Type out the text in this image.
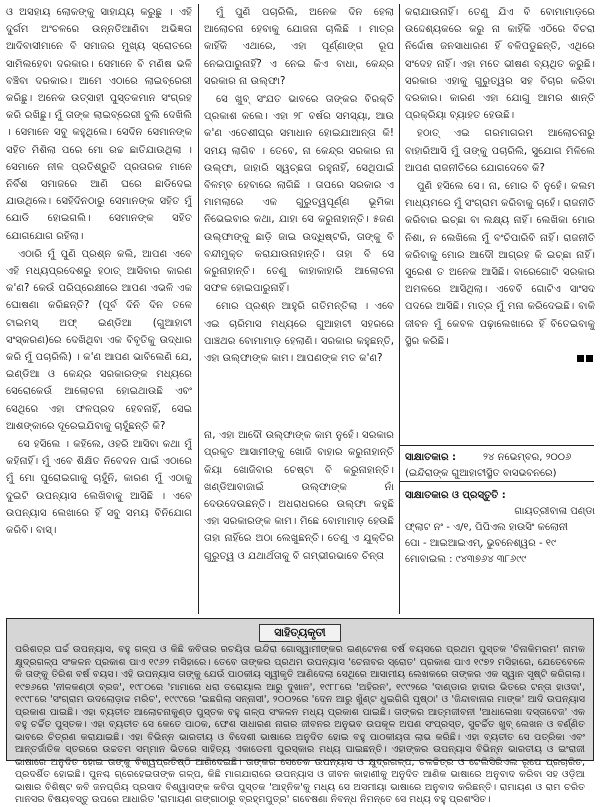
ଓ ଅସହାୟ ଲୋକଙ୍କୁ ସାହାଯ୍ୟ କରୁଛୁ । ଏହି ଦୁର୍ଗମ ଅଂଚଳରେ ଉନ୍ନତିଆଣିବା ଅଭିଜ୍ଞତା ଆଦିବାସୀମାନେ ବି ସମାଜର ମୁଖ୍ୟ ସ୍ରୋତରେ ସାମିଲହେବା ଦରକାର। ସେମାନେ ବି ମଣିଷ ଭଳି ବଞ୍ଚିବା ଦରକାର। ଆମେ ଏଠାରେ ଲାଇବ୍ରେରୀ କରିଛୁ। ଅନେକ ଉତ୍ସାହୀ ପୁସ୍ତକମାନ ସଂଗ୍ରହ କରି ରଖିଛୁ। ମୁଁ ତାଙ୍କ ଲାଇବ୍ରେରୀ ବୁଲି ଦେଖିଲି । ସେମାନେ ସବୁ କହୁଥିଲେ। ସେଦିନ ସେମାନଙ୍କ ସହିତ ମିଶିଲା ପରେ ମୋ ରଚ୍ଚ ଛାତିଯାଉଥିଲା । ସେମାନେ ନୀଳ ପ୍ରତିଶ୍ରୁତି ପ୍ରତାରକ ମାନେ ନିର୍ବିଶ ସମାଜରେ ଆଣି ଘରେ ଛାଡିଦେଇ ଯାଉଥିଲେ। ସେହିଦିନଠାରୁ ସେମାନଙ୍କ ସହିତ ମୁଁ ଯୋଡି ହୋଇଗଲି। ସେମାନଙ୍କ ସହିତ ଯୋଗଯୋଗ ରହିଲା।

ଏଠାରି ମୁଁ ପୁଣି ପ୍ରଶ୍ନ କଲି, ଆପଣ ଏବେ ଏହି ମଧ୍ୟପ୍ରଦେଶରୁ ହଠାତ୍ ଆସିବାର କାରଣ କ'ଣ? କେଉଁ ପରିପ୍ରେକ୍ଷୀରେ ଆପଣ ଏଭଳି ଏକ ଘୋଷଣା କରିଛନ୍ତି? (ପୂର୍ବ ଦିନି ଦିନ ତଳେ ଟାଇମସ୍ ଅଫ୍ ଇଣ୍ଡିଆ (ଗୁଆହାଟୀ ସଂସ୍କରଣ)ରେ ଦେଖିଥିବା ଏକ ବିବୃତିକୁ ଉଦ୍ଧାର କରି ମୁଁ ପଚାରିଲି) । କ'ଣ ଆପଣ ଭାବିଲେଣି ଯେ, ଇଣ୍ଡିଆ ଓ କେନ୍ଦ୍ର ସରକାରଙ୍କ ମଧ୍ୟରେ ସେରୋକେଉଁ ଆଲୋଚନା ହୋଇଥାଉଛି ଏବଂ ସେଥିରେ ଏହା ଫଳପ୍ରଦ ହେବନାହିଁ, ସେଇ ଆଶଙ୍କାରେ ଦୂରେଇଯିବାକୁ ଚାହୁଁଛନ୍ତି କି?

ସେ ହସିଲେ । କହିଲେ, ଓହରି ଆସିବା କଥା ମୁଁ କହିନାହିଁ। ମୁଁ ଏବେ ଶିକ୍ଷିତ ନିବେଦନ ପାଇଁ ଏଠାରେ ମୁଁ ମୋ ପୁରୋଇଗାକୁ ଚାହୁଁନି, କାରଣ ମୁଁ ଏଠାକୁ ଦୁଇଟି ଉପନ୍ୟାସ ଲେଖିବାକୁ ଆସିଛି । ଏବେ ଉପନ୍ୟାସ ଲେଖାରେ ହିଁ ସବୁ ସମୟ ବିନିଯୋଗ କରିବି। ବାସ୍।

ମୁଁ ପୁଣି ପଚାରିଲି, ଅନେକ ଦିନ ହେଲା ଆଲୋଚନା ହେବାକୁ ଯୋଜନା ଚାଲିଛି । ମାତ୍ର କାହିଁକି ଏଥାରେ, ଏହା ପୂର୍ଣ୍ଣାଙ୍ଗ ରୂପ ନେଇପାରୁନାହିଁ? ଏ ନେଇ କିଏ ବାଧା, କେନ୍ଦ୍ର ସରକାର ନା ଉଲ୍ଫା?

ସେ ଖୁବ୍ ସଂଯତ ଭାବରେ ତାଙ୍କର ବିରକ୍ତି ପ୍ରକାଶ କଲେ। ଏହା ୨୮ ବର୍ଷର ସମସ୍ୟା, ଆଉ କ'ଣ ଏତେଶୀଘ୍ର ସମାଧାନ ହୋଇଯାଆନ୍ତା କି! ସମୟ ଲାଗିବ । ତେବେ, ନା କେନ୍ଦ୍ର ସରକାର ନା ଉଲ୍ଫା, ଜାହାରି ସ୍ୱଚ୍ଛତା ରହୁନାହିଁ, ସେଥିପାଇଁ ବିଳମ୍ବ ହେବାରେ ଲାଗିଛି । ତାପରେ ସରକାର ଏ ମାମଲାରେ ଏକ ଗୁରୁତ୍ୱପୂର୍ଣ୍ଣ ଭୂମିକା ନିଭେଇବାର କଥା, ଯାହା ସେ କରୁନାହାନ୍ତି। ୫ଜଣ ଉଲ୍ଫାଙ୍କୁ ଛାଡ଼ି ଜାଇ ଉଦ୍ଧିଷ୍ଟରି, ତାଙ୍କୁ ବି ବନ୍ଦୀମୁକ୍ତ କରାଯାଉନାହାନ୍ତି। ତାହା ବି ସେ କରୁନାହାନ୍ତି। ତେଣୁ କାହାକାହାରି ଆଲୋଚନା ସଫଳ ହୋଇପାରୁନାହିଁ।

ମୋର ପ୍ରଶ୍ନ ଆହୁରି ଗତିମନ୍ତିଲା । ଏବେ ଏଇ ଚାରିମାସ ମଧ୍ୟରେ ଗୁଆହାଟୀ ସହରରେ ପାଞ୍ଚଥର ବୋମାମାଡ଼ ହେଲାଣି। ସରକାର କହୁଛନ୍ତି, ଏହା ଉଲ୍ଫାଙ୍କ କାମ। ଆପଣଙ୍କ ମତ କ'ଣ?

ନା, ଏହା ଆଦୌ ଉଲ୍ଫାଙ୍କ କାମ ନୁହେଁ। ସରକାର ପ୍ରକୃତ ଆସାମୀଙ୍କୁ ଖୋଜି ବାହାର କରୁନାହାନ୍ତି କିୟା ଖୋଜିବାର ଚେଷ୍ଟା ବି କରୁନାହାନ୍ତି। ଖଣ୍ଡିଆବାଜାଇଁ ଉଲ୍ଫାଙ୍କ ନାଁ ଦେଉଦେଉଛନ୍ତି। ଅଧରାଧରରେ ଉଲ୍ଫା କହୁଛି ଏହା ସରକାରଙ୍କ କାମ। ମିଛେ ବୋମାମାଡ଼ ହେଉଛି ତାହା ନାହିଁରେ ଅଠା ଲେଖୁଛନ୍ତି। ତେଣୁ ଏ ଯୁକ୍ତିର ଗୁରୁତ୍ୱ ଓ ଯଥାର୍ଥତାକୁ ବି ଗମ୍ଭୀରଭାବେ ଚିନ୍ତା

କରାଯାଉନାହିଁ। ତେଣୁ ଯିଏ ବି ବୋମାମାଡ଼ରେ ଉଦ୍ଦେଶ୍ୟକରେ କରୁ ନା କାହିଁକି ଏଠିରେ ବିଚରା ନିର୍ଦ୍ଦୋଷ ଜନସାଧାରଣ ହିଁ ବଳିପଡୁଛନ୍ତି, ଏଥିରେ ସଂଦେହ ନାହିଁ। ଏହା ମତେ ଭୀଷଣ ବ୍ୟଥିତ କରୁଛି। ସରକାର ଏହାକୁ ଗୁରୁତ୍ୱର ସହ ବିଚାର କରିବା ଦରକାର। କାରଣ ଏହା ଯୋଗୁ ଆମର ଶାନ୍ତି ପ୍ରକ୍ରିୟା ବ୍ୟାହତ ହେଉଛି।

ହଠାତ୍ ଏଇ ଗରମାଗରମ ଆଲୋଚନାରୁ ବାହାରିଆସି ମୁଁ ତାଙ୍କୁ ପଚାରିଲି, ସୁଯୋଗ ମିଳିଲେ ଆପଣ ରାଜନୀତିରେ ଯୋଗଦେବେ କି?

ପୁଣି ହସିଲେ ସେ। ନା, ମୋର ବି ନୁହେଁ। କଲମ ମାଧ୍ୟମରେ ମୁଁ ସଂଗ୍ରାମ କରିବାକୁ ଚାହେଁ। ରାଜନୀତି କରିବାର ଇଚ୍ଛା ବା ଲକ୍ଷ୍ୟ ନାହିଁ। ଲେଖିକା ମୋର ନିଶା, ନ ଲେଖିଲେ ମୁଁ ବଂଚିପାରିବି ନାହିଁ। ରାଜନୀତି କରିବାକୁ ମୋର ଆଦୌ ଆଗ୍ରହ କି ଇଚ୍ଛା ନାହିଁ। ସୁରେଶ ତ ଅନେକ ଆସିଛି। ବାରେଗୋଟି ସରକାର ଅମଳରେ ଆସିଥିଲା। ଏବେବି ଗୋଟିଏ ସାଂସଦ ପଦରେ ଆସିଛି। ମାତ୍ର ମୁଁ ମନା କରିଦେଇଛି। ବାକି ଜୀବନ ମୁଁ କେବଳ ପଢ଼ାଲେଖାରେ ହିଁ ବିତେଇବାକୁ ସ୍ଥିର କରିଛି।

ସାକ୍ଷାତକାର :	୨୪ ନଭେମ୍ବର, ୨୦୦୬
(ଇନ୍ଦିରାଙ୍କ ଗୁଆହାଟୀସ୍ଥିତ ବାସଭବନରେ)
ସାକ୍ଷାତକାର ଓ ପ୍ରସ୍ତୁତି :
ଗାୟତ୍ରୀବାଳା ପଣ୍ଡା
ଫ୍ଲାଟ ନଂ - ଏ/୧, ପିପିଏଲ ହାଉସିଂ କଲୋନୀ
ପୋ - ଆଇଆଇଏମ୍, ଭୁବନେଶ୍ୱର - ୧୯
ମୋବାଇଲ : ୯୪୩୭୬୪ ୩୮୬୯୯
ସାହିତ୍ୟକୃତୀ
ପରିଶତ୍ର ଘର୍ଚ୍ଚ ଉପନ୍ୟାସ, ବହୁ ଗଳ୍ପ ଓ କିଛି କବିତାର ରଚୟିତା ଇନ୍ଦିରା ଗୋସ୍ୱାମୀଙ୍କର ଇଣ୍ଟେନଶ ବର୍ଷ ବୟସରେ ପ୍ରଥମ ପୁସ୍ତକ 'ଚିନାକିମରମ' ନାମକ କ୍ଷୁଦ୍ରଗଳ୍ପ ସଂକଳନ ପ୍ରକାଶ ପାଏ ୧୯୬୨ ମସିହାରେ। ତେବେ ତାଙ୍କର ପ୍ରଥମ ଉପନ୍ୟାସ 'ଚେନାବର ସ୍ରୋତ' ପ୍ରକାଶ ପାଏ ୧୯୭୨ ମସିହାରେ, ଯେତେବେଳେ କି ତାଙ୍କୁ ତିରିଶ ବର୍ଷ ବୟସ। ଏହି ଉପନ୍ୟାସ ତାଙ୍କୁ ଯେଉଁ ପାଠକୀୟ ସ୍ୱୀକୃତି ଆଣିଦେଲା ସେଥିରେ ଆସାମୀୟ ଲେଖକରେ ତାଙ୍କର ଏକ ସ୍ୱାନ ସୃଷ୍ଟି କରିଗଲା। ୧୯୭୬ରେ 'ନୀଳକଣ୍ଠୀ ବ୍ରଜ', ୧୯୮୦ରେ 'ମାମାରେ ଧରା ତରୋୟାଲ ଆରୁ ଦୁଖାନ', ୧୯୮୮ରେ 'ଅହିରନ', ୧୯୯୨ରେ 'ଦାଣ୍ଡାର ହାଦାର ଭିତରେ ଟନ୍ତା ହାଓଦା', ୧୯୯୮ରେ 'ସଂଗ୍ରାମ ଉଦଲୋଡ଼ାଚ୍ଚ ମରିଚ', ୧୯୯୯ରେ 'ଇଛଗିଲା ସନ୍ନାସୀ', ୨୦୦୨ରେ 'ଦେନ ଆରୁ ଖୁଁଣ୍ଟ ଧୁଇଗିଗି ପୃଷ୍ଠା' ଓ 'ଜିନ୍ଦାବାନାର ମାଙ୍କ' ଆଦି ଉପନ୍ୟାସ ପ୍ରକାଶ ପାଇଛି। ଏହା ବ୍ୟତୀତ ଆଲୋଚନାକୁଣ୍ଡ ପୁସ୍ତକ ବହୁ ଗଳ୍ପ ସଂକଳନ ମଧ୍ୟ ପ୍ରକାଶ ପାଇଛି। ତାଙ୍କର ଆତ୍ମଜୀବନୀ 'ଆଧାଲେଖା ଦସ୍ତାବେଜ' ଏକ ବହୁ ଚର୍ଚ୍ଚିତ ପୁସ୍ତକ। ଏହା ବ୍ୟତୀତ ସେ କେତେ ପାଠକ, ଫେଶ ସାଧାରଣ ନାଗର ଜୀବନର ଅନୁଭବ ଉପକୂଳ ଅପଣ ସଂପ୍ରସ୍ତ, ସୁଚର୍ଚ୍ଚିତ ଖୁବ୍ ଲେଖନ ଓ ବର୍ଣ୍ଣିତ ଭାବରେ ଚିତ୍ରଣ କରାଯାଇଛି। ଏହା ବିଭିନ୍ନ ଭାରତୀୟ ଓ ବିଦେଶୀ ଭାଷାରେ ଅନୁଦିତ ହୋଇ ବହୁ ପାଠକୀୟତା ଲାଭ କରିଛି। ଏହା ବ୍ୟତୀତ ସେ ପତ୍ରିକା ଏବଂ ଆନ୍ତର୍ଜାତିକ ସ୍ତରରେ ଉଚ୍ଚତମ ସମ୍ମାନ ଭିତରେ ସାହିତ୍ୟ ଏକାଡେମୀ ପୁରସ୍କାର ମଧ୍ୟ ପାଇଛନ୍ତି। ଏହାଙ୍କର ଉପନ୍ୟାସ ବିଭିନ୍ନ ଭାରତୀୟ ଓ ଇଂରାଜୀ ଭାଷାରେ ଅନୁଦିତ ହୋଇ ତାଙ୍କୁ ବିଶ୍ୱପ୍ରତିଷ୍ଠି ଆଣିଦେଇଛି। ତାଙ୍କର ସେତେକ ଉପନ୍ୟାସ ଓ କ୍ଷୁଦ୍ରଗଳ୍ପ, ଚଳଚ୍ଚିତ୍ର ଓ ଟେଲିସିରିଏଲ ରୂପେ ପ୍ରଚାରିତ, ପ୍ରଦର୍ଶିତ ହୋଇଛି। ପୁନଶ୍ଚ ଗ୍ରେହେଇତାଙ୍କ ଗଳ୍ପ, କିଛି ମାଗଯାରାରେ ଉପନ୍ୟାସ ଓ ଜୀବନ କାହାଣୀକୁ ଅନୁଦିତ ଆଣିକ ଭାଷାରେ ଅନୁବାଦ କରିବା ସହ ଓଡ଼ିଆ ଭାଷାର ବିଶିଷ୍ଟ କବି ଜନପ୍ରିୟ ପ୍ରସାଦ ବିଶ୍ୱାସଙ୍କ କବିତା ପୁସ୍ତକ 'ଆହ୍ନିକ'କୁ ମଧ୍ୟ ସେ ଅସମୀୟା ଭାଷାରେ ଅନୁବାଦ କରିଛନ୍ତି। ରାମାୟଣ ଓ ରାମ ଚରିତ ମାନସର ବିଷୟବସ୍ତୁ ଉପରେ ଆଧାରିତ 'ରାମାୟଣ ଗଙ୍ଗାଠାରୁ ବ୍ରହ୍ମପୁତ୍ର' ଗବେଷଣା ନିବନ୍ଧ ନିମନ୍ତେ ସେ ମଧ୍ୟ ବହୁ ପ୍ରଶଂସିତ।
